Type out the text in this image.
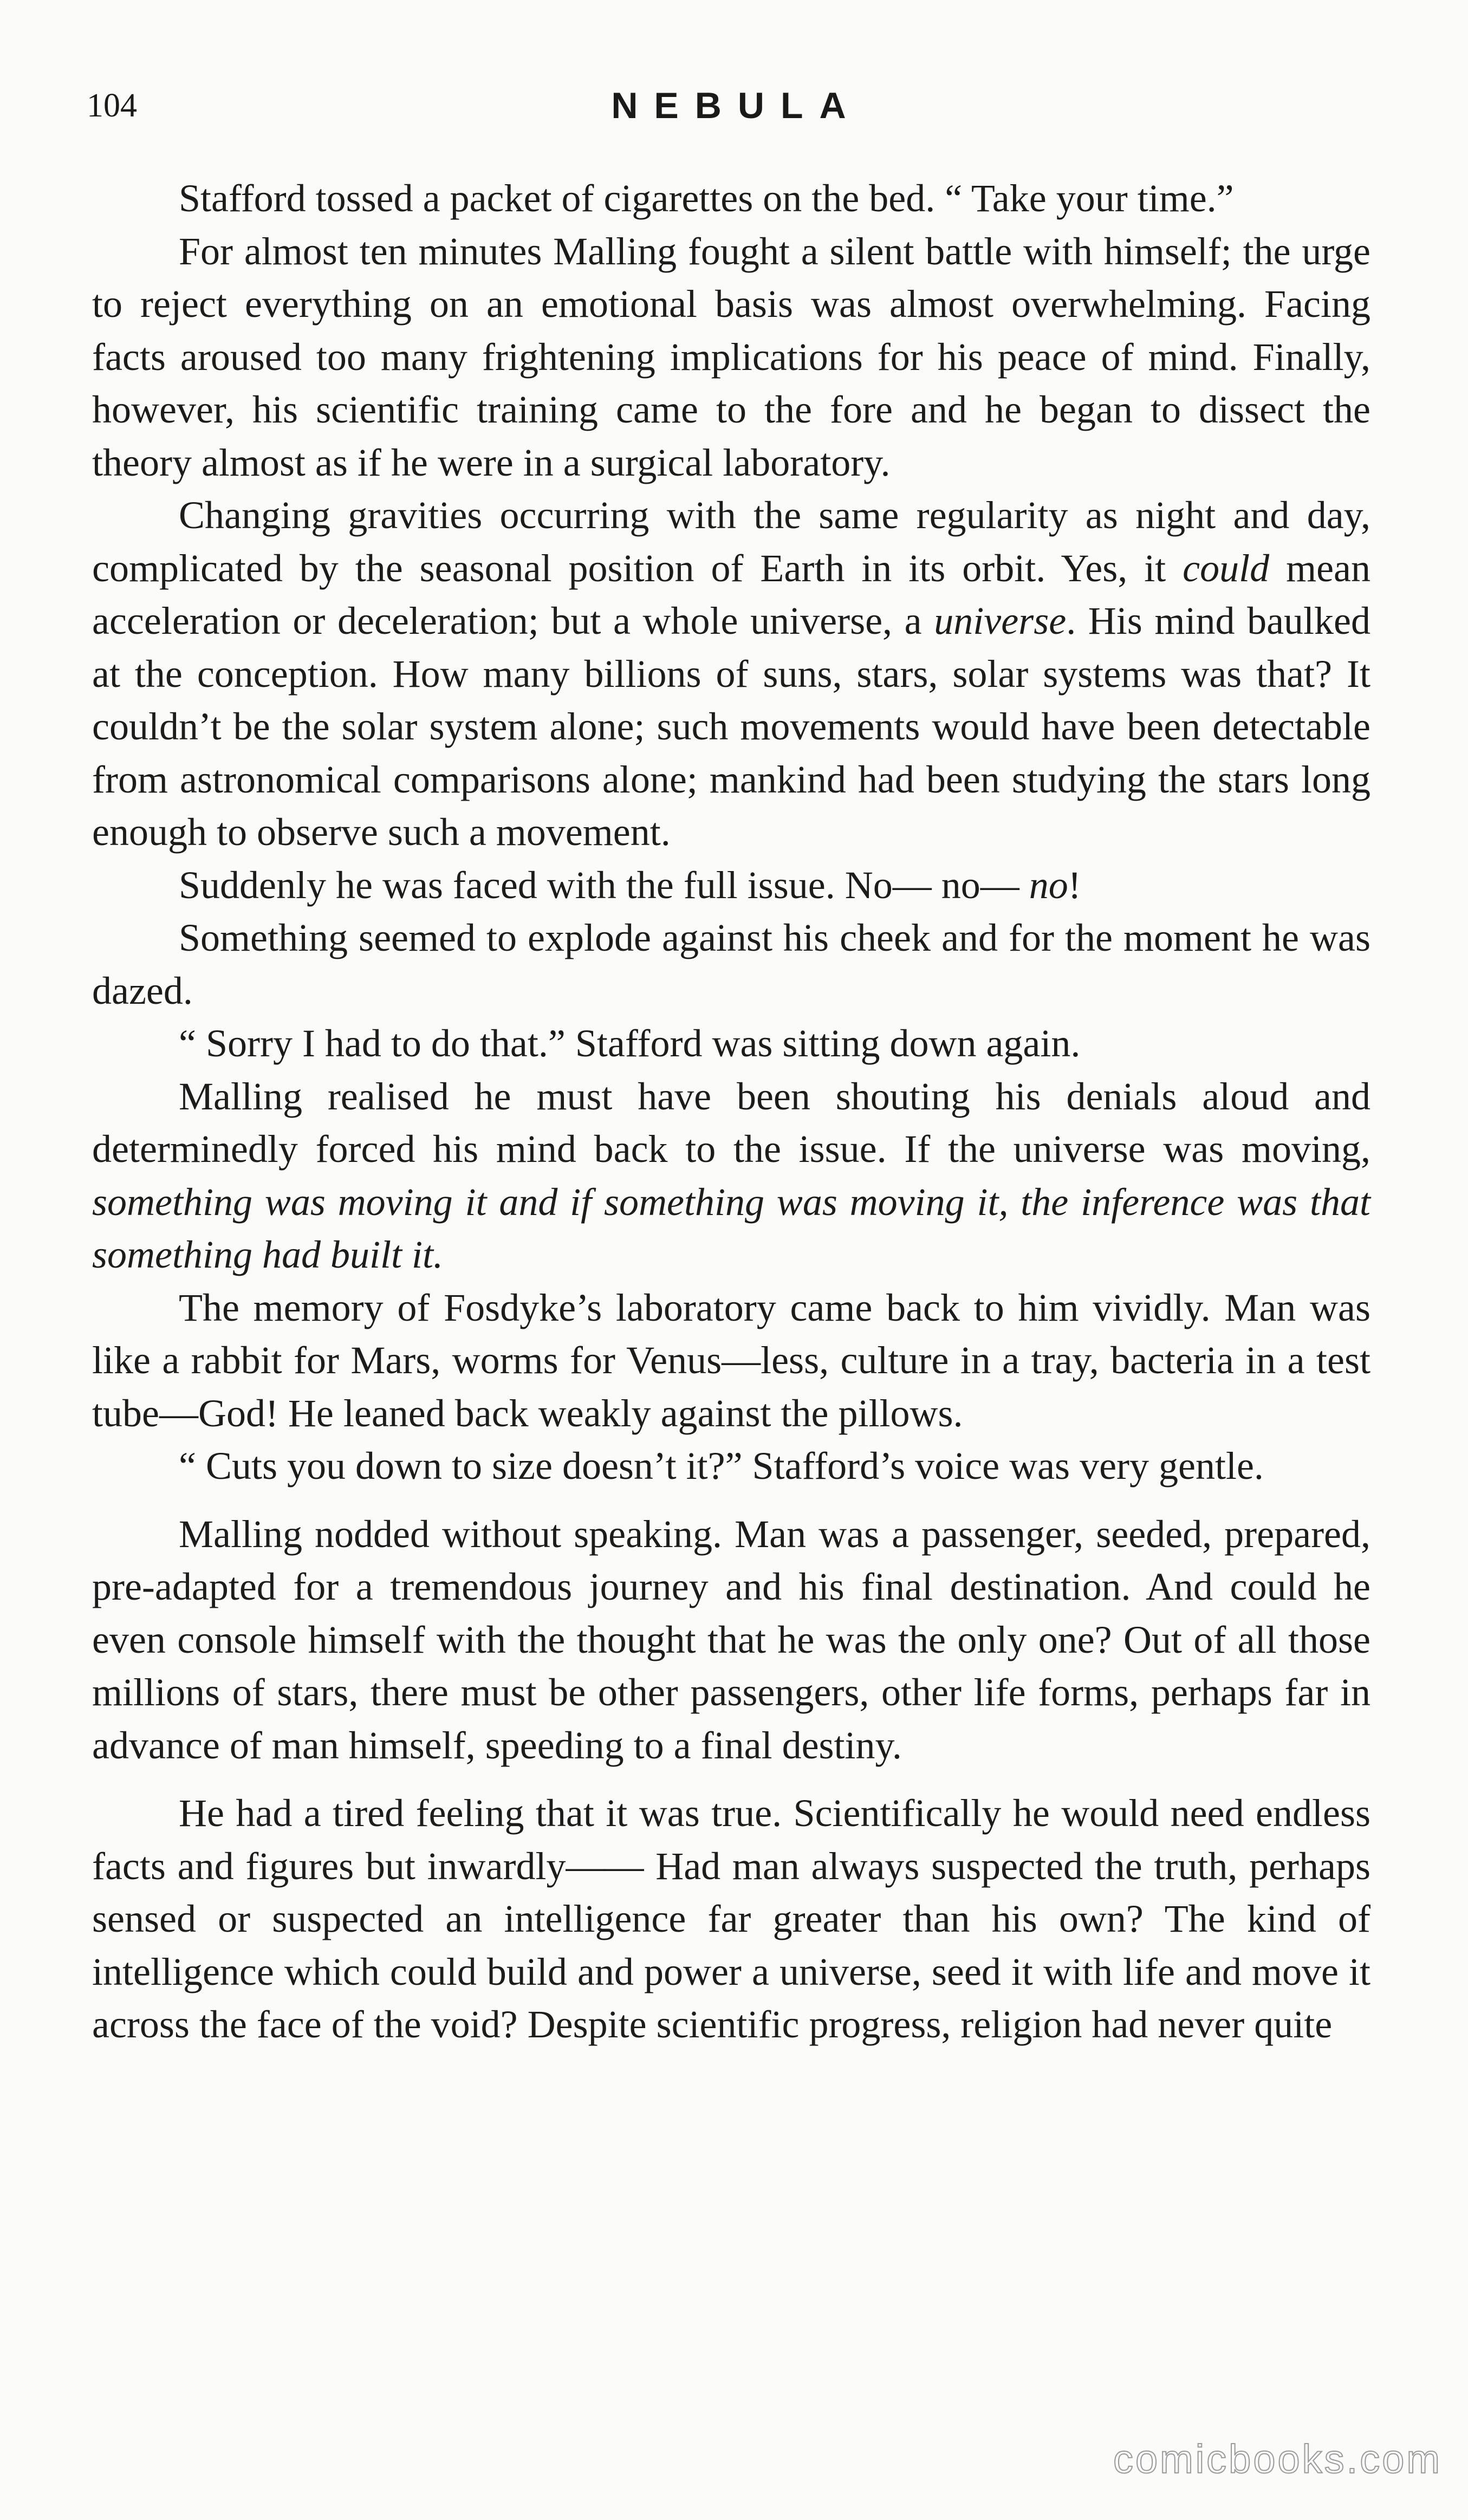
104	NEBULA

Stafford tossed a packet of cigarettes on the bed. “ Take your time.”

For almost ten minutes Malling fought a silent battle with himself; the urge to reject everything on an emotional basis was almost overwhelming. Facing facts aroused too many frightening implications for his peace of mind. Finally, however, his scientific training came to the fore and he began to dissect the theory almost as if he were in a surgical laboratory.

Changing gravities occurring with the same regularity as night and day, complicated by the seasonal position of Earth in its orbit. Yes, it could mean acceleration or deceleration; but a whole universe, a universe. His mind baulked at the conception. How many billions of suns, stars, solar systems was that? It couldn’t be the solar system alone; such movements would have been detectable from astronomical comparisons alone; mankind had been studying the stars long enough to observe such a movement.

Suddenly he was faced with the full issue. No— no— no!

Something seemed to explode against his cheek and for the moment he was dazed.

“ Sorry I had to do that.” Stafford was sitting down again.

Malling realised he must have been shouting his denials aloud and determinedly forced his mind back to the issue. If the universe was moving, something was moving it and if something was moving it, the inference was that something had built it.

The memory of Fosdyke’s laboratory came back to him vividly. Man was like a rabbit for Mars, worms for Venus—less, culture in a tray, bacteria in a test tube—God! He leaned back weakly against the pillows.

“ Cuts you down to size doesn’t it?” Stafford’s voice was very gentle.

Malling nodded without speaking. Man was a passenger, seeded, prepared, pre-adapted for a tremendous journey and his final destination. And could he even console himself with the thought that he was the only one? Out of all those millions of stars, there must be other passengers, other life forms, perhaps far in advance of man himself, speeding to a final destiny.

He had a tired feeling that it was true. Scientifically he would need endless facts and figures but inwardly—— Had man always suspected the truth, perhaps sensed or suspected an intelligence far greater than his own? The kind of intelligence which could build and power a universe, seed it with life and move it across the face of the void? Despite scientific progress, religion had never quite

comicbooks.com
